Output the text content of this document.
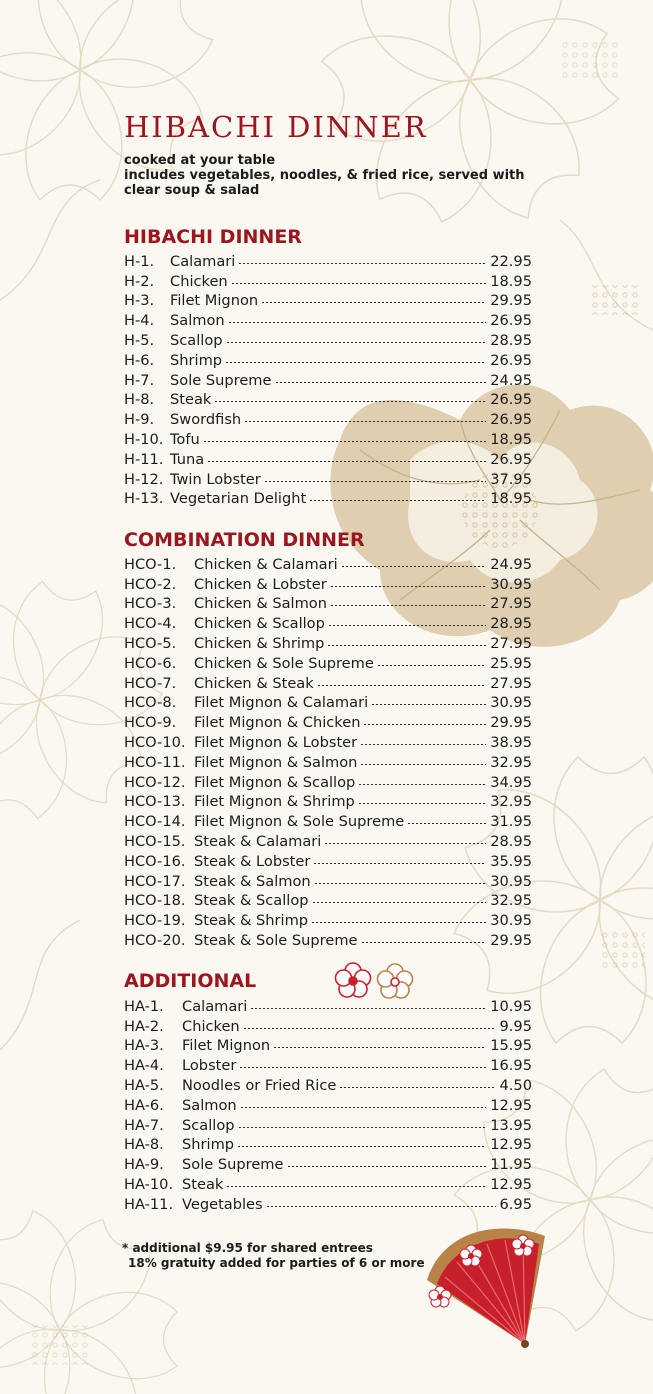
HIBACHI DINNER
cooked at your table
includes vegetables, noodles, & fried rice, served with
clear soup & salad
HIBACHI DINNER
H-1.	Calamari	22.95
H-2.	Chicken	18.95
H-3.	Filet Mignon	29.95
H-4.	Salmon	26.95
H-5.	Scallop	28.95
H-6.	Shrimp	26.95
H-7.	Sole Supreme	24.95
H-8.	Steak	26.95
H-9.	Swordfish	26.95
H-10. Tofu	18.95
H-11. Tuna	26.95
H-12. Twin Lobster	37.95
H-13. Vegetarian Delight	18.95
COMBINATION DINNER
HCO-1.	Chicken & Calamari	24.95
HCO-2.	Chicken & Lobster	30.95
HCO-3.	Chicken & Salmon	27.95
HCO-4.	Chicken & Scallop	28.95
HCO-5.	Chicken & Shrimp	27.95
HCO-6.	Chicken & Sole Supreme	25.95
HCO-7.	Chicken & Steak	27.95
HCO-8.	Filet Mignon & Calamari	30.95
HCO-9.	Filet Mignon & Chicken	29.95
HCO-10. Filet Mignon & Lobster	38.95
HCO-11. Filet Mignon & Salmon	32.95
HCO-12. Filet Mignon & Scallop	34.95
HCO-13. Filet Mignon & Shrimp	32.95
HCO-14. Filet Mignon & Sole Supreme	31.95
HCO-15. Steak & Calamari	28.95
HCO-16. Steak & Lobster	35.95
HCO-17. Steak & Salmon	30.95
HCO-18. Steak & Scallop	32.95
HCO-19. Steak & Shrimp	30.95
HCO-20. Steak & Sole Supreme	29.95
ADDITIONAL
HA-1.	Calamari	10.95
HA-2.	Chicken	9.95
HA-3.	Filet Mignon	15.95
HA-4.	Lobster	16.95
HA-5.	Noodles or Fried Rice	4.50
HA-6.	Salmon	12.95
HA-7.	Scallop	13.95
HA-8.	Shrimp	12.95
HA-9.	Sole Supreme	11.95
HA-10. Steak	12.95
HA-11. Vegetables	6.95
* additional $9.95 for shared entrees
18% gratuity added for parties of 6 or more
